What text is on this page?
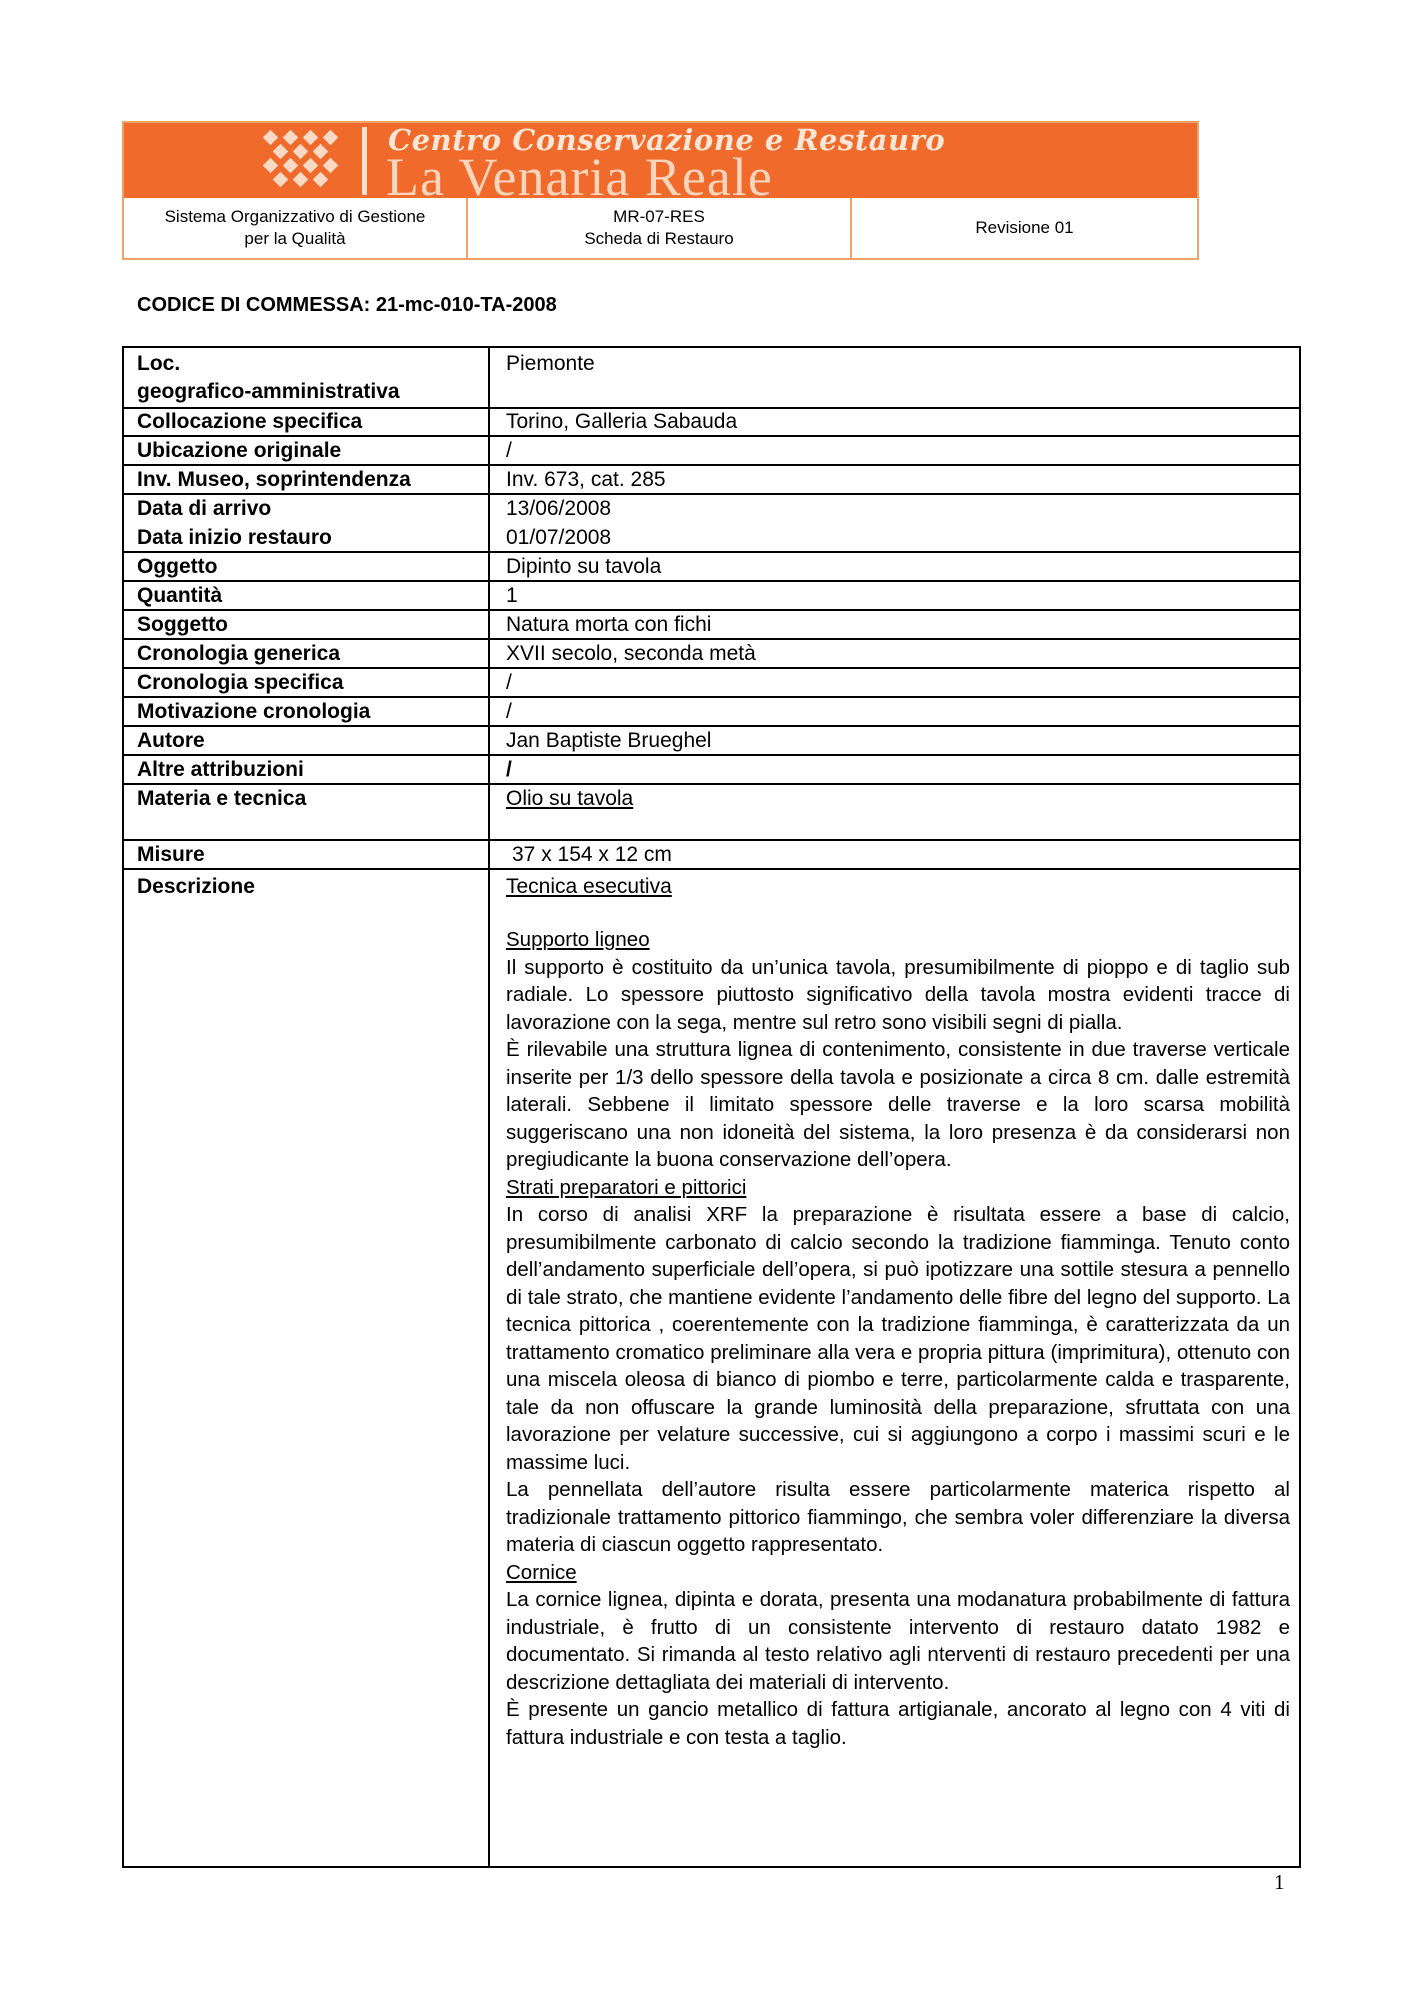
Centro Conservazione e Restauro
La Venaria Reale
Sistema Organizzativo di Gestione
per la Qualità
MR-07-RES
Scheda di Restauro
Revisione 01
CODICE DI COMMESSA: 21-mc-010-TA-2008
Loc.
geografico-amministrativa
Collocazione specifica
Ubicazione originale
Inv. Museo, soprintendenza
Data di arrivo
Data inizio restauro
Oggetto
Quantità
Soggetto
Cronologia generica
Cronologia specifica
Motivazione cronologia
Autore
Altre attribuzioni
Materia e tecnica
Misure
Descrizione
Piemonte
Torino, Galleria Sabauda
/
Inv. 673, cat. 285
13/06/2008
01/07/2008
Dipinto su tavola
1
Natura morta con fichi
XVII secolo, seconda metà
/
/
Jan Baptiste Brueghel
/
Olio su tavola
37 x 154 x 12 cm
Tecnica esecutiva

Supporto ligneo

Il supporto è costituito da un’unica tavola, presumibilmente di pioppo e di taglio sub radiale. Lo spessore piuttosto significativo della tavola mostra evidenti tracce di lavorazione con la sega, mentre sul retro sono visibili segni di pialla.

È rilevabile una struttura lignea di contenimento, consistente in due traverse verticale inserite per 1/3 dello spessore della tavola e posizionate a circa 8 cm. dalle estremità laterali. Sebbene il limitato spessore delle traverse e la loro scarsa mobilità suggeriscano una non idoneità del sistema, la loro presenza è da considerarsi non pregiudicante la buona conservazione dell’opera.

Strati preparatori e pittorici

In corso di analisi XRF la preparazione è risultata essere a base di calcio, presumibilmente carbonato di calcio secondo la tradizione fiamminga. Tenuto conto dell’andamento superficiale dell’opera, si può ipotizzare una sottile stesura a pennello di tale strato, che mantiene evidente l’andamento delle fibre del legno del supporto. La tecnica pittorica , coerentemente con la tradizione fiamminga, è caratterizzata da un trattamento cromatico preliminare alla vera e propria pittura (imprimitura), ottenuto con una miscela oleosa di bianco di piombo e terre, particolarmente calda e trasparente, tale da non offuscare la grande luminosità della preparazione, sfruttata con una lavorazione per velature successive, cui si aggiungono a corpo i massimi scuri e le massime luci.

La pennellata dell’autore risulta essere particolarmente materica rispetto al tradizionale trattamento pittorico fiammingo, che sembra voler differenziare la diversa materia di ciascun oggetto rappresentato.

Cornice

La cornice lignea, dipinta e dorata, presenta una modanatura probabilmente di fattura industriale, è frutto di un consistente intervento di restauro datato 1982 e documentato. Si rimanda al testo relativo agli nterventi di restauro precedenti per una descrizione dettagliata dei materiali di intervento.

È presente un gancio metallico di fattura artigianale, ancorato al legno con 4 viti di fattura industriale e con testa a taglio.

1
